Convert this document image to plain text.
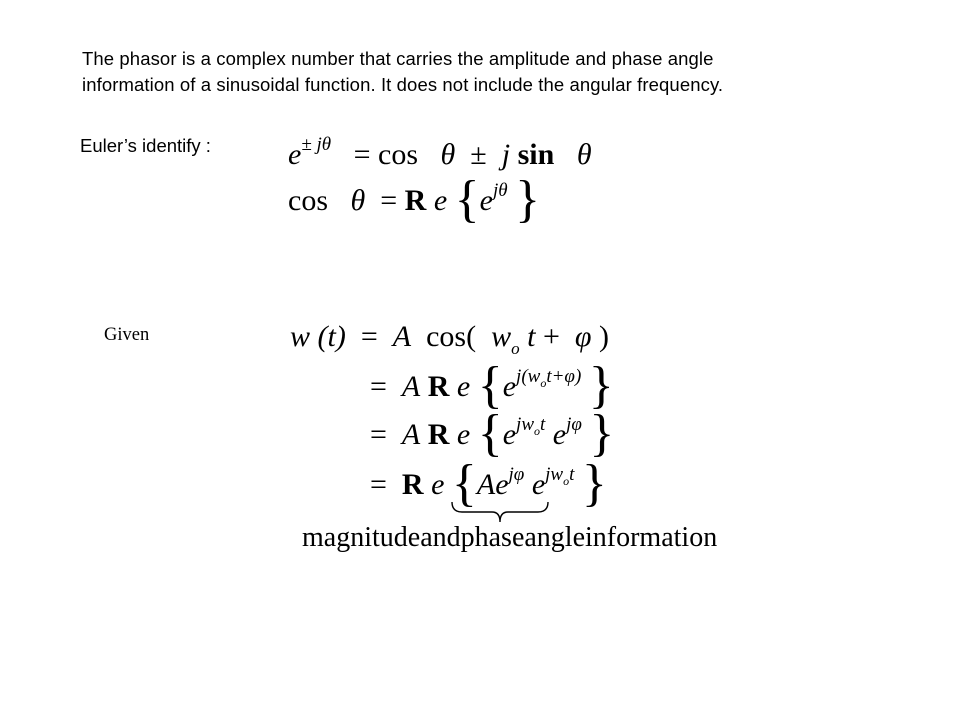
The phasor is a complex number that carries the amplitude and phase angle

information of a sinusoidal function. It does not include the angular frequency.

Euler’s identify :	$e^{\pm j\theta} = \cos \theta \pm j$ sin θ
cos θ = R e {$e^{j\theta}$ }
Given	w (t) = A cos( $w_o$ t + φ )
= A R e {$e^{j(w_ot+\varphi)}$ }
= A R e {$e^{jw_ot}$ $e^{j\varphi}$ }
= R e {$Ae^{j\varphi}$ $e^{jw_ot}$ }
magnitudeandphaseangleinformation
